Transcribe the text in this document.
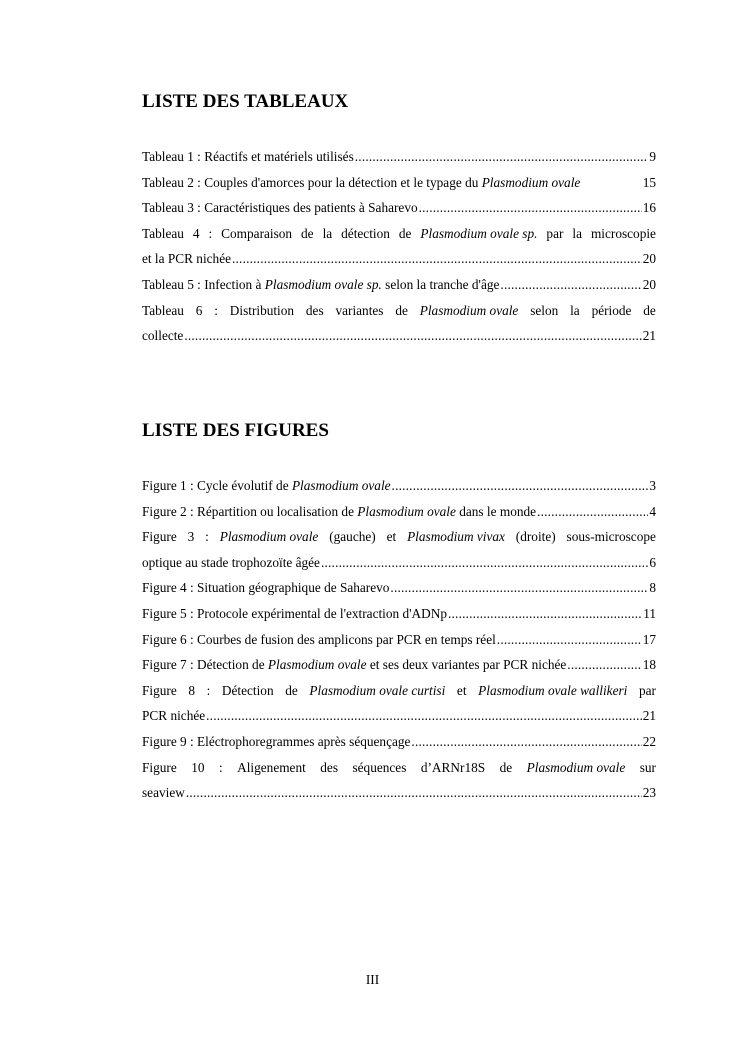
LISTE DES TABLEAUX
Tableau 1 : Réactifs et matériels utilisés .....	9
Tableau 2 : Couples d'amorces pour la détection et le typage du Plasmodium ovale	15
Tableau 3 : Caractéristiques des patients à Saharevo .....	16
Tableau 4 : Comparaison de la détection de Plasmodium ovale sp. par la microscopie
et la PCR nichée .....	20
Tableau 5 : Infection à Plasmodium ovale sp. selon la tranche d'âge .....	20
Tableau 6 : Distribution des variantes de Plasmodium ovale selon la période de
collecte .....	21
LISTE DES FIGURES
Figure 1 : Cycle évolutif de Plasmodium ovale .....	3
Figure 2 : Répartition ou localisation de Plasmodium ovale dans le monde .....	4
Figure 3 : Plasmodium ovale (gauche) et Plasmodium vivax (droite) sous-microscope
optique au stade trophozoïte âgée .....	6
Figure 4 : Situation géographique de Saharevo .....	8
Figure 5 : Protocole expérimental de l'extraction d'ADNp .....	11
Figure 6 : Courbes de fusion des amplicons par PCR en temps réel .....	17
Figure 7 : Détection de Plasmodium ovale et ses deux variantes par PCR nichée .....	18
Figure 8 : Détection de Plasmodium ovale curtisi et Plasmodium ovale wallikeri par
PCR nichée .....	21
Figure 9 : Eléctrophoregrammes après séquençage .....	22
Figure 10 : Aligenement des séquences d’ARNr18S de Plasmodium ovale sur
seaview .....	23
III
